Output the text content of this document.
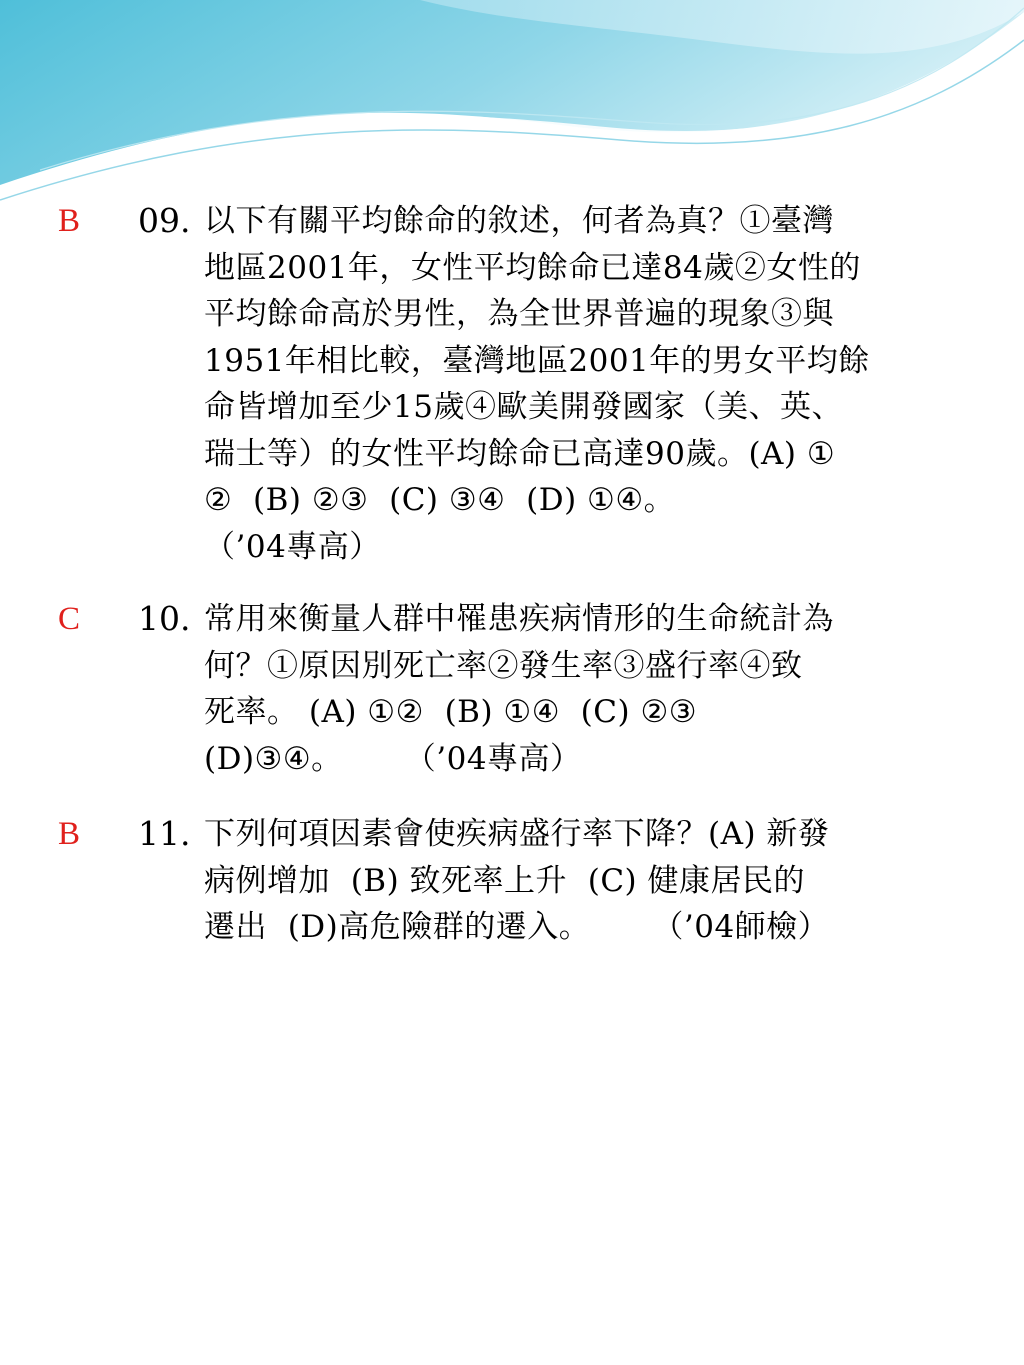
B 09. 以下有關平均餘命的敘述，何者為真？①臺灣
地區2001年，女性平均餘命已達84歲②女性的
平均餘命高於男性，為全世界普遍的現象③與
1951年相比較，臺灣地區2001年的男女平均餘
命皆增加至少15歲④歐美開發國家（美、英、
瑞士等）的女性平均餘命已高達90歲。(A) ①
②  (B) ②③  (C) ③④  (D) ①④。
（’04專高）
C 10. 常用來衡量人群中罹患疾病情形的生命統計為
何？①原因別死亡率②發生率③盛行率④致
死率。 (A) ①②  (B) ①④  (C) ②③
(D)③④。      （’04專高）
B 11. 下列何項因素會使疾病盛行率下降？(A) 新發
病例增加  (B) 致死率上升  (C) 健康居民的
遷出  (D)高危險群的遷入。      （’04師檢）
